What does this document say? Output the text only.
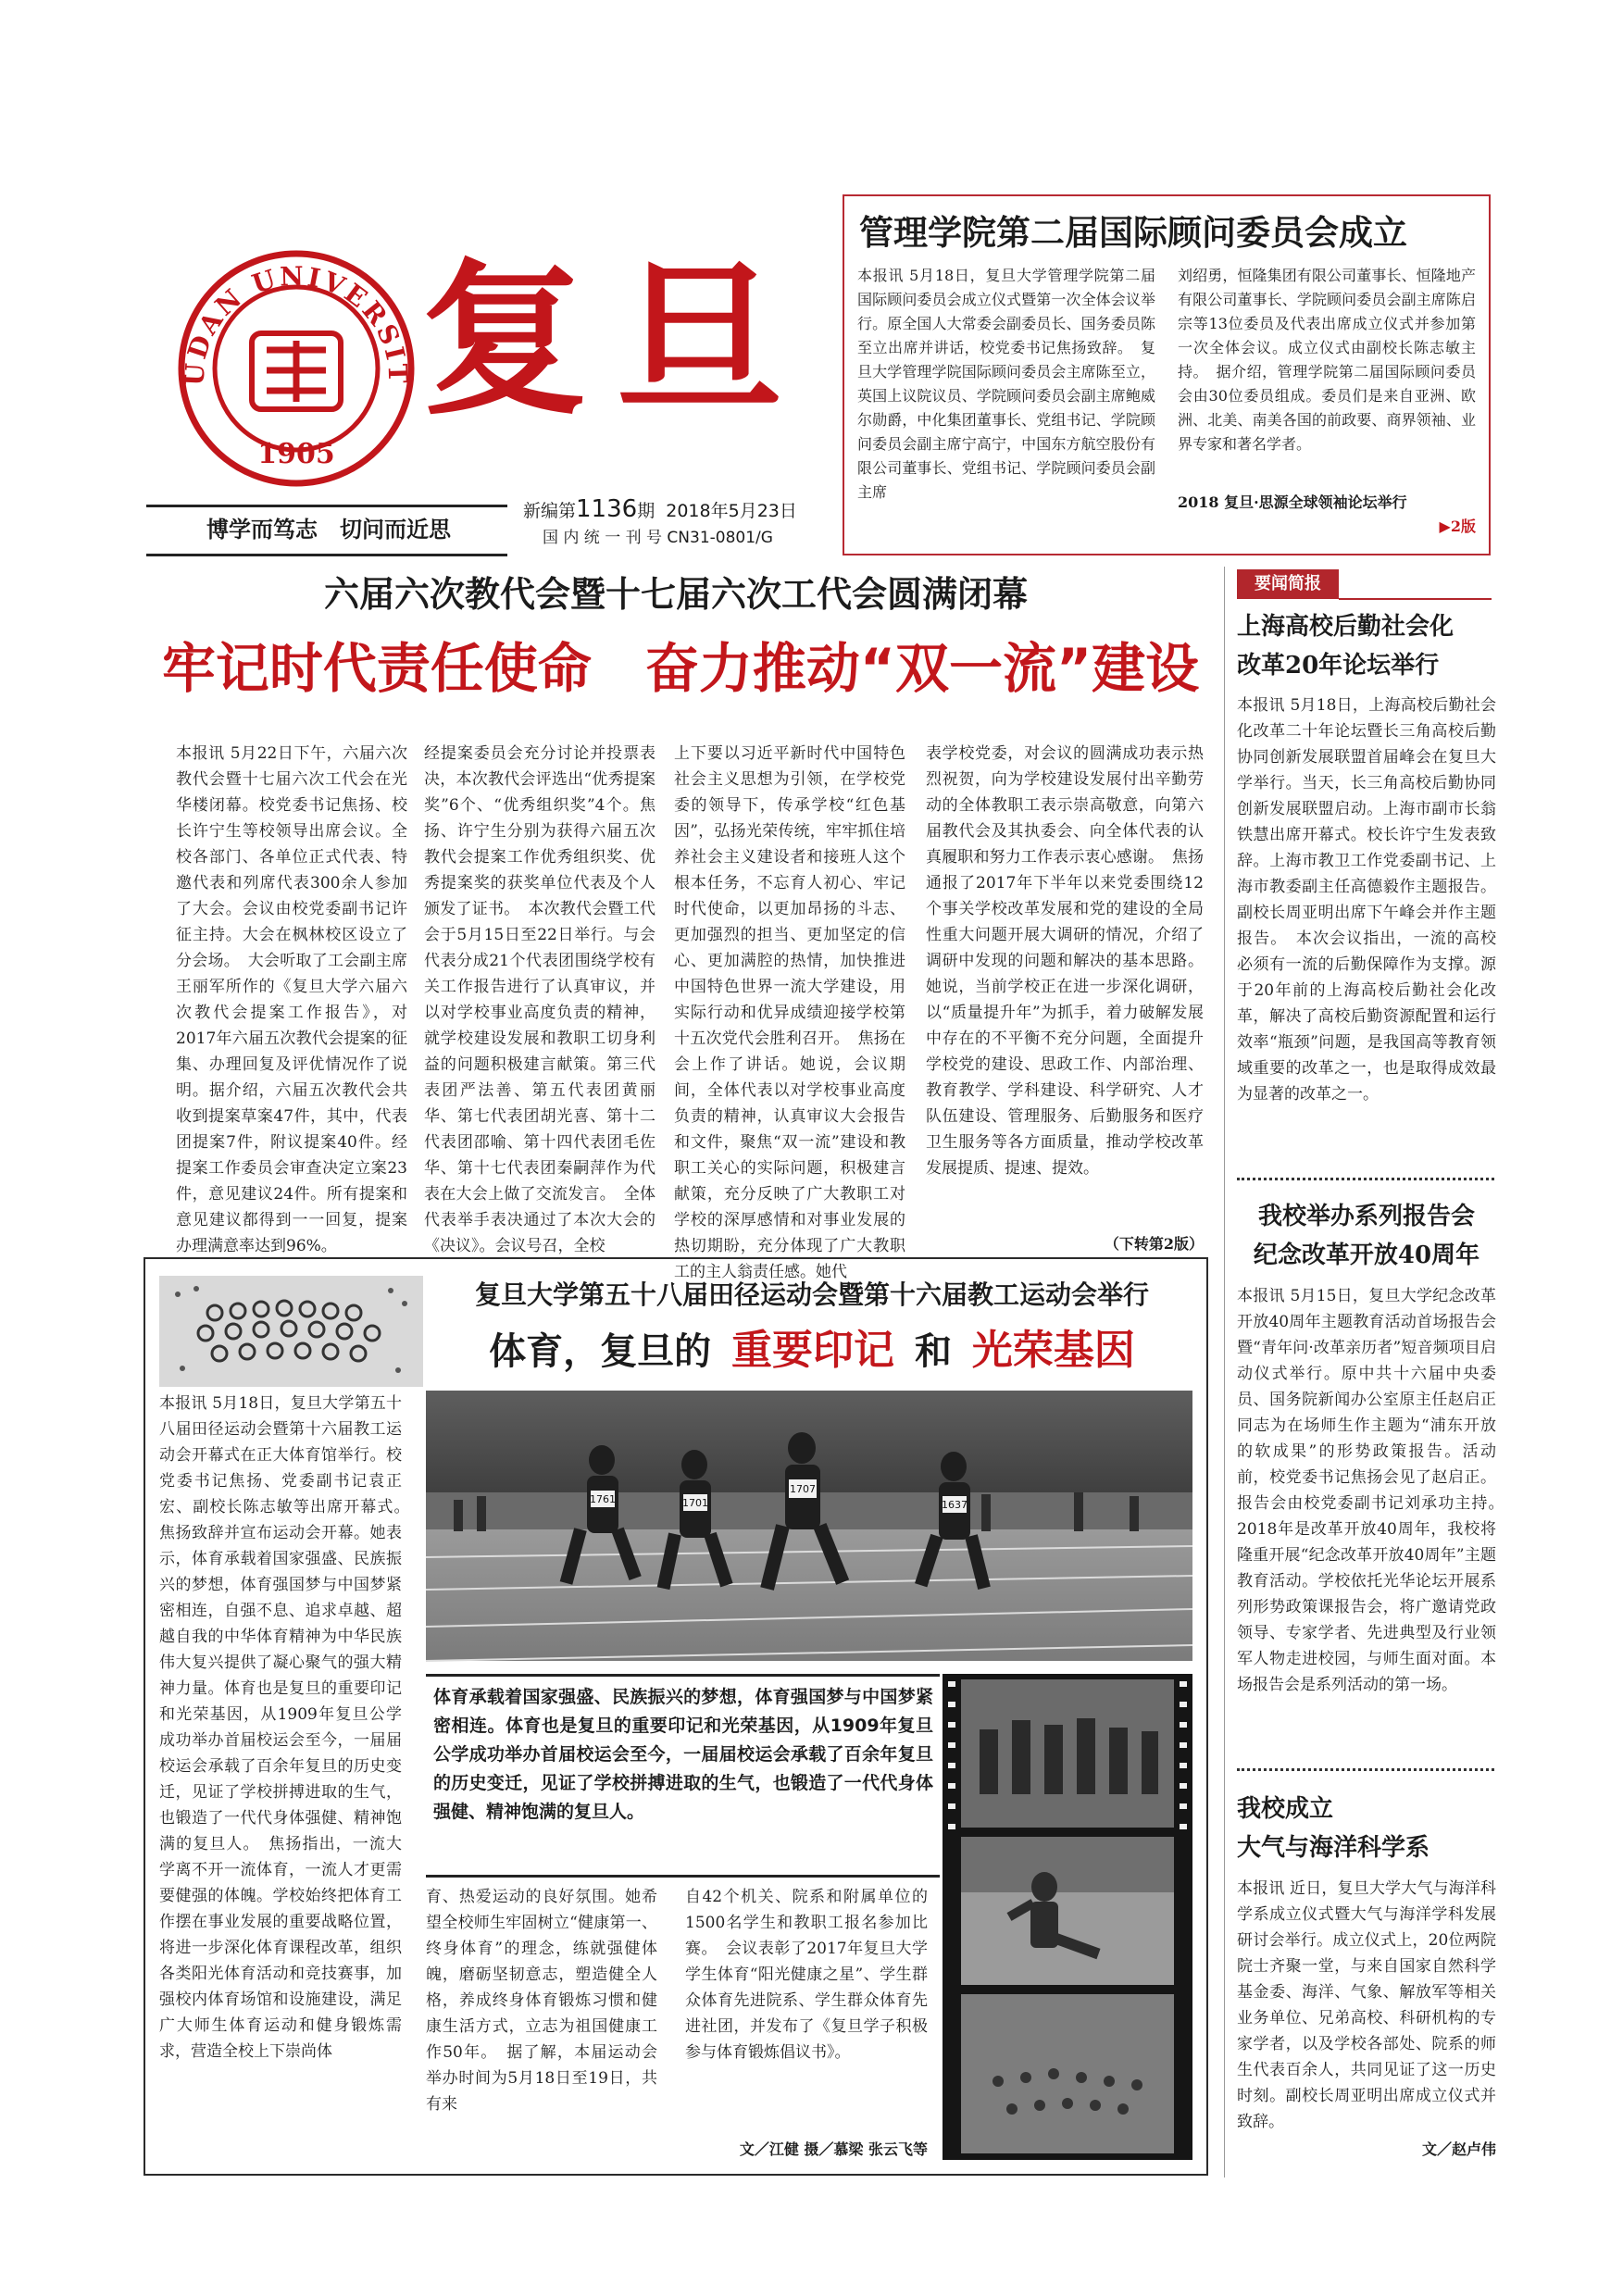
UDAN UNIVERSIT
1905
复旦
博学而笃志　切问而近思
新编第1136期 2018年5月23日
国 内 统 一 刊 号 CN31-0801/G
管理学院第二届国际顾问委员会成立
本报讯 5月18日，复旦大学管理学院第二届国际顾问委员会成立仪式暨第一次全体会议举行。原全国人大常委会副委员长、国务委员陈至立出席并讲话，校党委书记焦扬致辞。　复旦大学管理学院国际顾问委员会主席陈至立，英国上议院议员、学院顾问委员会副主席鲍威尔勋爵，中化集团董事长、党组书记、学院顾问委员会副主席宁高宁，中国东方航空股份有限公司董事长、党组书记、学院顾问委员会副主席
刘绍勇，恒隆集团有限公司董事长、恒隆地产有限公司董事长、学院顾问委员会副主席陈启宗等13位委员及代表出席成立仪式并参加第一次全体会议。成立仪式由副校长陈志敏主持。　据介绍，管理学院第二届国际顾问委员会由30位委员组成。委员们是来自亚洲、欧洲、北美、南美各国的前政要、商界领袖、业界专家和著名学者。
2018 复旦·思源全球领袖论坛举行
▶2版
六届六次教代会暨十七届六次工代会圆满闭幕
牢记时代责任使命　奋力推动“双一流”建设
本报讯 5月22日下午，六届六次教代会暨十七届六次工代会在光华楼闭幕。校党委书记焦扬、校长许宁生等校领导出席会议。全校各部门、各单位正式代表、特邀代表和列席代表300余人参加了大会。会议由校党委副书记许征主持。大会在枫林校区设立了分会场。　大会听取了工会副主席王丽军所作的《复旦大学六届六次教代会提案工作报告》，对2017年六届五次教代会提案的征集、办理回复及评优情况作了说明。据介绍，六届五次教代会共收到提案草案47件，其中，代表团提案7件，附议提案40件。经提案工作委员会审查决定立案23件，意见建议24件。所有提案和意见建议都得到一一回复，提案办理满意率达到96%。
经提案委员会充分讨论并投票表决，本次教代会评选出“优秀提案奖”6个、“优秀组织奖”4个。焦扬、许宁生分别为获得六届五次教代会提案工作优秀组织奖、优秀提案奖的获奖单位代表及个人颁发了证书。　本次教代会暨工代会于5月15日至22日举行。与会代表分成21个代表团围绕学校有关工作报告进行了认真审议，并以对学校事业高度负责的精神，就学校建设发展和教职工切身利益的问题积极建言献策。第三代表团严法善、第五代表团黄丽华、第七代表团胡光喜、第十二代表团邵喻、第十四代表团毛佐华、第十七代表团秦嗣萍作为代表在大会上做了交流发言。　全体代表举手表决通过了本次大会的《决议》。会议号召，全校
上下要以习近平新时代中国特色社会主义思想为引领，在学校党委的领导下，传承学校“红色基因”，弘扬光荣传统，牢牢抓住培养社会主义建设者和接班人这个根本任务，不忘育人初心、牢记时代使命，以更加昂扬的斗志、更加强烈的担当、更加坚定的信心、更加满腔的热情，加快推进中国特色世界一流大学建设，用实际行动和优异成绩迎接学校第十五次党代会胜利召开。　焦扬在会上作了讲话。她说，会议期间，全体代表以对学校事业高度负责的精神，认真审议大会报告和文件，聚焦“双一流”建设和教职工关心的实际问题，积极建言献策，充分反映了广大教职工对学校的深厚感情和对事业发展的热切期盼，充分体现了广大教职工的主人翁责任感。她代
表学校党委，对会议的圆满成功表示热烈祝贺，向为学校建设发展付出辛勤劳动的全体教职工表示崇高敬意，向第六届教代会及其执委会、向全体代表的认真履职和努力工作表示衷心感谢。　焦扬通报了2017年下半年以来党委围绕12个事关学校改革发展和党的建设的全局性重大问题开展大调研的情况，介绍了调研中发现的问题和解决的基本思路。她说，当前学校正在进一步深化调研，以“质量提升年”为抓手，着力破解发展中存在的不平衡不充分问题，全面提升学校党的建设、思政工作、内部治理、教育教学、学科建设、科学研究、人才队伍建设、管理服务、后勤服务和医疗卫生服务等各方面质量，推动学校改革发展提质、提速、提效。
（下转第2版）
复旦大学第五十八届田径运动会暨第十六届教工运动会举行
体育，复旦的 重要印记 和 光荣基因
本报讯 5月18日，复旦大学第五十八届田径运动会暨第十六届教工运动会开幕式在正大体育馆举行。校党委书记焦扬、党委副书记袁正宏、副校长陈志敏等出席开幕式。　焦扬致辞并宣布运动会开幕。她表示，体育承载着国家强盛、民族振兴的梦想，体育强国梦与中国梦紧密相连，自强不息、追求卓越、超越自我的中华体育精神为中华民族伟大复兴提供了凝心聚气的强大精神力量。体育也是复旦的重要印记和光荣基因，从1909年复旦公学成功举办首届校运会至今，一届届校运会承载了百余年复旦的历史变迁，见证了学校拼搏进取的生气，也锻造了一代代身体强健、精神饱满的复旦人。　焦扬指出，一流大学离不开一流体育，一流人才更需要健强的体魄。学校始终把体育工作摆在事业发展的重要战略位置，将进一步深化体育课程改革，组织各类阳光体育活动和竞技赛事，加强校内体育场馆和设施建设，满足广大师生体育运动和健身锻炼需求，营造全校上下崇尚体
1761	1701
1707
1637
体育承载着国家强盛、民族振兴的梦想，体育强国梦与中国梦紧密相连。体育也是复旦的重要印记和光荣基因，从1909年复旦公学成功举办首届校运会至今，一届届校运会承载了百余年复旦的历史变迁，见证了学校拼搏进取的生气，也锻造了一代代身体强健、精神饱满的复旦人。
育、热爱运动的良好氛围。她希望全校师生牢固树立“健康第一、终身体育”的理念，练就强健体魄，磨砺坚韧意志，塑造健全人格，养成终身体育锻炼习惯和健康生活方式，立志为祖国健康工作50年。　据了解，本届运动会举办时间为5月18日至19日，共有来
自42个机关、院系和附属单位的1500名学生和教职工报名参加比赛。　会议表彰了2017年复旦大学学生体育“阳光健康之星”、学生群众体育先进院系、学生群众体育先进社团，并发布了《复旦学子积极参与体育锻炼倡议书》。
文／江健 摄／慕梁 张云飞等
要闻简报
上海高校后勤社会化
改革20年论坛举行
本报讯 5月18日，上海高校后勤社会化改革二十年论坛暨长三角高校后勤协同创新发展联盟首届峰会在复旦大学举行。当天，长三角高校后勤协同创新发展联盟启动。上海市副市长翁铁慧出席开幕式。校长许宁生发表致辞。上海市教卫工作党委副书记、上海市教委副主任高德毅作主题报告。副校长周亚明出席下午峰会并作主题报告。　本次会议指出，一流的高校必须有一流的后勤保障作为支撑。源于20年前的上海高校后勤社会化改革，解决了高校后勤资源配置和运行效率“瓶颈”问题，是我国高等教育领域重要的改革之一，也是取得成效最为显著的改革之一。
我校举办系列报告会
纪念改革开放40周年
本报讯 5月15日，复旦大学纪念改革开放40周年主题教育活动首场报告会暨“青年问·改革亲历者”短音频项目启动仪式举行。原中共十六届中央委员、国务院新闻办公室原主任赵启正同志为在场师生作主题为“浦东开放的软成果”的形势政策报告。活动前，校党委书记焦扬会见了赵启正。报告会由校党委副书记刘承功主持。　2018年是改革开放40周年，我校将隆重开展“纪念改革开放40周年”主题教育活动。学校依托光华论坛开展系列形势政策课报告会，将广邀请党政领导、专家学者、先进典型及行业领军人物走进校园，与师生面对面。本场报告会是系列活动的第一场。
我校成立
大气与海洋科学系
本报讯 近日，复旦大学大气与海洋科学系成立仪式暨大气与海洋学科发展研讨会举行。成立仪式上，20位两院院士齐聚一堂，与来自国家自然科学基金委、海洋、气象、解放军等相关业务单位、兄弟高校、科研机构的专家学者，以及学校各部处、院系的师生代表百余人，共同见证了这一历史时刻。副校长周亚明出席成立仪式并致辞。
文／赵卢伟
